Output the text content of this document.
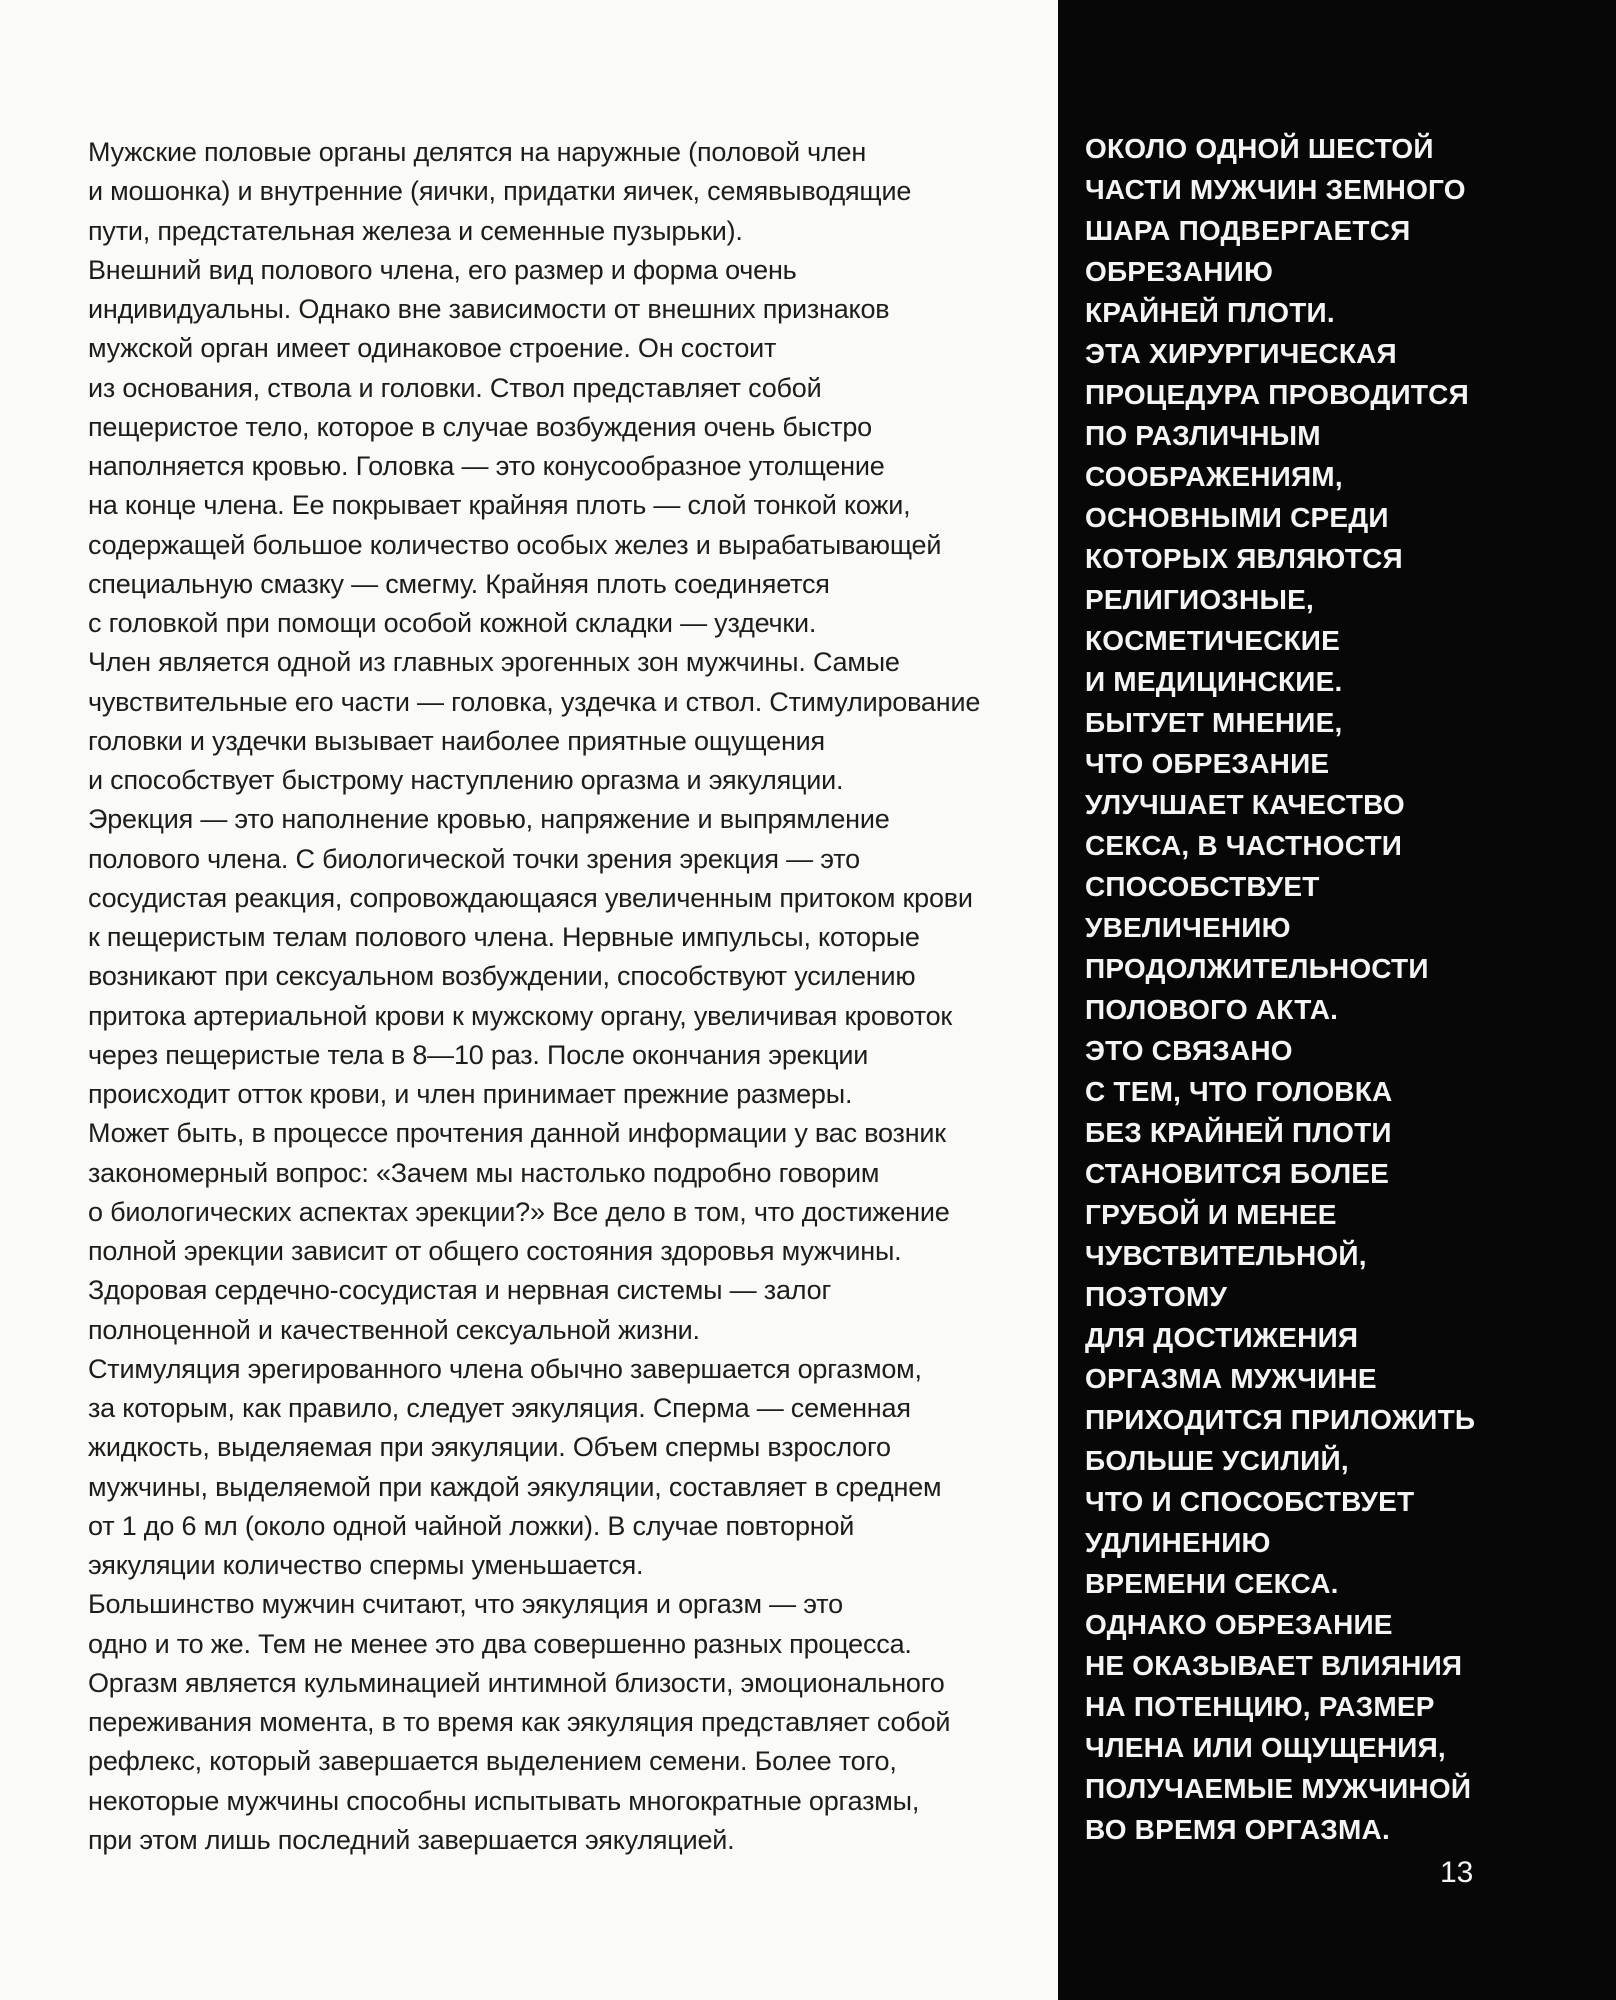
Мужские половые органы делятся на наружные (половой член
и мошонка) и внутренние (яички, придатки яичек, семявыводящие
пути, предстательная железа и семенные пузырьки).
Внешний вид полового члена, его размер и форма очень
индивидуальны. Однако вне зависимости от внешних признаков
мужской орган имеет одинаковое строение. Он состоит
из основания, ствола и головки. Ствол представляет собой
пещеристое тело, которое в случае возбуждения очень быстро
наполняется кровью. Головка — это конусообразное утолщение
на конце члена. Ее покрывает крайняя плоть — слой тонкой кожи,
содержащей большое количество особых желез и вырабатывающей
специальную смазку — смегму. Крайняя плоть соединяется
с головкой при помощи особой кожной складки — уздечки.
Член является одной из главных эрогенных зон мужчины. Самые
чувствительные его части — головка, уздечка и ствол. Стимулирование
головки и уздечки вызывает наиболее приятные ощущения
и способствует быстрому наступлению оргазма и эякуляции.
Эрекция — это наполнение кровью, напряжение и выпрямление
полового члена. С биологической точки зрения эрекция — это
сосудистая реакция, сопровождающаяся увеличенным притоком крови
к пещеристым телам полового члена. Нервные импульсы, которые
возникают при сексуальном возбуждении, способствуют усилению
притока артериальной крови к мужскому органу, увеличивая кровоток
через пещеристые тела в 8—10 раз. После окончания эрекции
происходит отток крови, и член принимает прежние размеры.
Может быть, в процессе прочтения данной информации у вас возник
закономерный вопрос: «Зачем мы настолько подробно говорим
о биологических аспектах эрекции?» Все дело в том, что достижение
полной эрекции зависит от общего состояния здоровья мужчины.
Здоровая сердечно-сосудистая и нервная системы — залог
полноценной и качественной сексуальной жизни.
Стимуляция эрегированного члена обычно завершается оргазмом,
за которым, как правило, следует эякуляция. Сперма — семенная
жидкость, выделяемая при эякуляции. Объем спермы взрослого
мужчины, выделяемой при каждой эякуляции, составляет в среднем
от 1 до 6 мл (около одной чайной ложки). В случае повторной
эякуляции количество спермы уменьшается.
Большинство мужчин считают, что эякуляция и оргазм — это
одно и то же. Тем не менее это два совершенно разных процесса.
Оргазм является кульминацией интимной близости, эмоционального
переживания момента, в то время как эякуляция представляет собой
рефлекс, который завершается выделением семени. Более того,
некоторые мужчины способны испытывать многократные оргазмы,
при этом лишь последний завершается эякуляцией.
ОКОЛО ОДНОЙ ШЕСТОЙ
ЧАСТИ МУЖЧИН ЗЕМНОГО
ШАРА ПОДВЕРГАЕТСЯ
ОБРЕЗАНИЮ
КРАЙНЕЙ ПЛОТИ.
ЭТА ХИРУРГИЧЕСКАЯ
ПРОЦЕДУРА ПРОВОДИТСЯ
ПО РАЗЛИЧНЫМ
СООБРАЖЕНИЯМ,
ОСНОВНЫМИ СРЕДИ
КОТОРЫХ ЯВЛЯЮТСЯ
РЕЛИГИОЗНЫЕ,
КОСМЕТИЧЕСКИЕ
И МЕДИЦИНСКИЕ.
БЫТУЕТ МНЕНИЕ,
ЧТО ОБРЕЗАНИЕ
УЛУЧШАЕТ КАЧЕСТВО
СЕКСА, В ЧАСТНОСТИ
СПОСОБСТВУЕТ
УВЕЛИЧЕНИЮ
ПРОДОЛЖИТЕЛЬНОСТИ
ПОЛОВОГО АКТА.
ЭТО СВЯЗАНО
С ТЕМ, ЧТО ГОЛОВКА
БЕЗ КРАЙНЕЙ ПЛОТИ
СТАНОВИТСЯ БОЛЕЕ
ГРУБОЙ И МЕНЕЕ
ЧУВСТВИТЕЛЬНОЙ,
ПОЭТОМУ
ДЛЯ ДОСТИЖЕНИЯ
ОРГАЗМА МУЖЧИНЕ
ПРИХОДИТСЯ ПРИЛОЖИТЬ
БОЛЬШЕ УСИЛИЙ,
ЧТО И СПОСОБСТВУЕТ
УДЛИНЕНИЮ
ВРЕМЕНИ СЕКСА.
ОДНАКО ОБРЕЗАНИЕ
НЕ ОКАЗЫВАЕТ ВЛИЯНИЯ
НА ПОТЕНЦИЮ, РАЗМЕР
ЧЛЕНА ИЛИ ОЩУЩЕНИЯ,
ПОЛУЧАЕМЫЕ МУЖЧИНОЙ
ВО ВРЕМЯ ОРГАЗМА.
13
